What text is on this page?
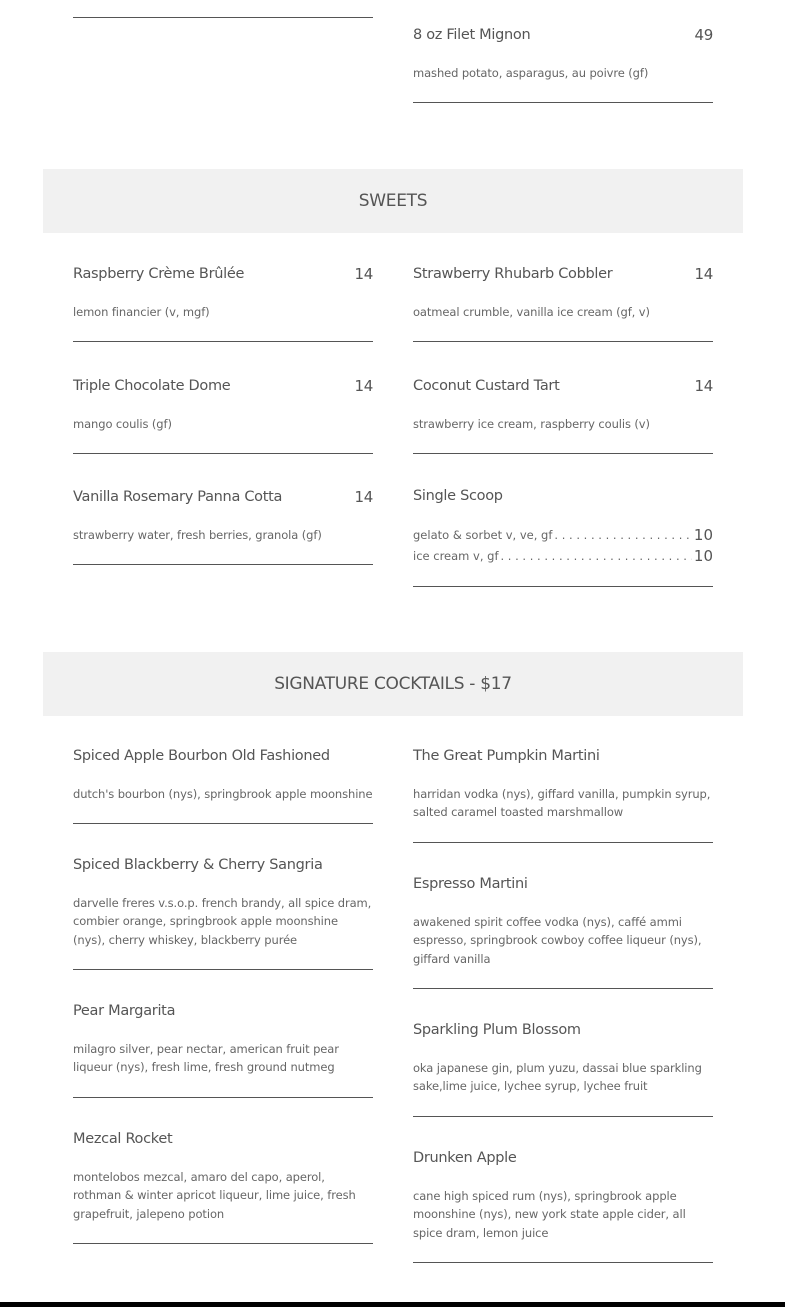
8 oz Filet Mignon	49
mashed potato, asparagus, au poivre (gf)
SWEETS
Raspberry Crème Brûlée	14
lemon financier (v, mgf)
Strawberry Rhubarb Cobbler	14
oatmeal crumble, vanilla ice cream (gf, v)
Triple Chocolate Dome	14
mango coulis (gf)
Coconut Custard Tart	14
strawberry ice cream, raspberry coulis (v)
Vanilla Rosemary Panna Cotta	14
strawberry water, fresh berries, granola (gf)
Single Scoop
gelato & sorbet v, ve, gf . . .	10
ice cream v, gf . . .	10
SIGNATURE COCKTAILS - $17
Spiced Apple Bourbon Old Fashioned
dutch's bourbon (nys), springbrook apple moonshine
The Great Pumpkin Martini
harridan vodka (nys), giffard vanilla, pumpkin syrup, salted caramel toasted marshmallow
Spiced Blackberry & Cherry Sangria
darvelle freres v.s.o.p. french brandy, all spice dram, combier orange, springbrook apple moonshine (nys), cherry whiskey, blackberry purée
Espresso Martini
awakened spirit coffee vodka (nys), caffé ammi espresso, springbrook cowboy coffee liqueur (nys), giffard vanilla
Pear Margarita
milagro silver, pear nectar, american fruit pear liqueur (nys), fresh lime, fresh ground nutmeg
Sparkling Plum Blossom
oka japanese gin, plum yuzu, dassai blue sparkling sake,lime juice, lychee syrup, lychee fruit
Mezcal Rocket
montelobos mezcal, amaro del capo, aperol, rothman & winter apricot liqueur, lime juice, fresh grapefruit, jalepeno potion
Drunken Apple
cane high spiced rum (nys), springbrook apple moonshine (nys), new york state apple cider, all spice dram, lemon juice
